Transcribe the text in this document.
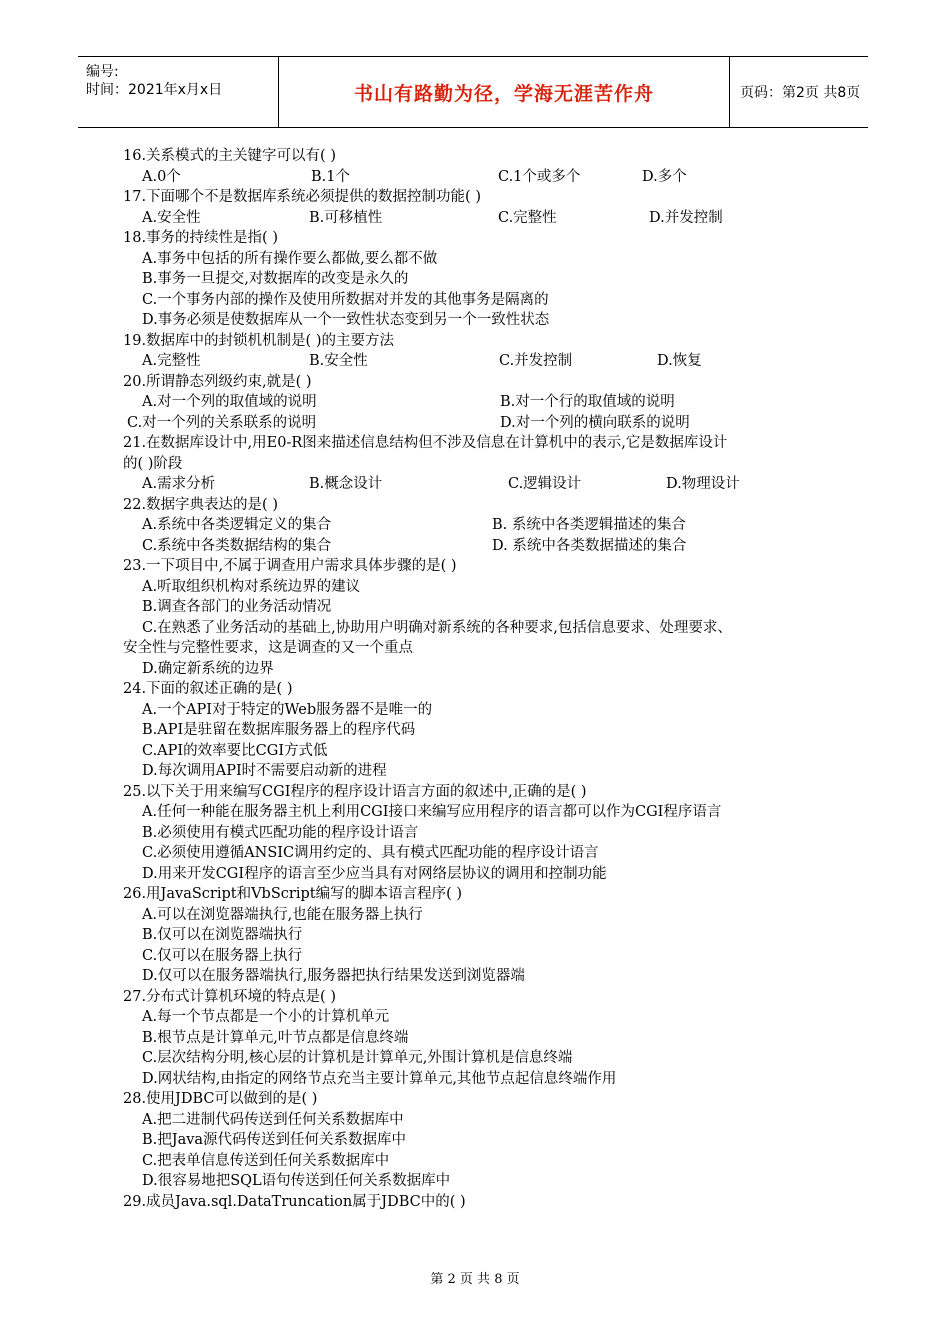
编号:
时间：2021年x月x日	书山有路勤为径，学海无涯苦作舟	页码：第2页 共8页
16.关系模式的主关键字可以有( )
A.0个	B.1个	C.1个或多个	D.多个
17.下面哪个不是数据库系统必须提供的数据控制功能( )
A.安全性	B.可移植性	C.完整性	D.并发控制
18.事务的持续性是指( )
A.事务中包括的所有操作要么都做,要么都不做
B.事务一旦提交,对数据库的改变是永久的
C.一个事务内部的操作及使用所数据对并发的其他事务是隔离的
D.事务必须是使数据库从一个一致性状态变到另一个一致性状态
19.数据库中的封锁机机制是( )的主要方法
A.完整性	B.安全性	C.并发控制	D.恢复
20.所谓静态列级约束,就是( )
A.对一个列的取值域的说明	B.对一个行的取值域的说明
C.对一个列的关系联系的说明	D.对一个列的横向联系的说明
21.在数据库设计中,用E0-R图来描述信息结构但不涉及信息在计算机中的表示,它是数据库设计
的( )阶段
A.需求分析	B.概念设计	C.逻辑设计	D.物理设计
22.数据字典表达的是( )
A.系统中各类逻辑定义的集合	B. 系统中各类逻辑描述的集合
C.系统中各类数据结构的集合	D. 系统中各类数据描述的集合
23.一下项目中,不属于调查用户需求具体步骤的是( )
A.听取组织机构对系统边界的建议
B.调查各部门的业务活动情况
C.在熟悉了业务活动的基础上,协助用户明确对新系统的各种要求,包括信息要求、处理要求、
安全性与完整性要求，这是调查的又一个重点
D.确定新系统的边界
24.下面的叙述正确的是( )
A.一个API对于特定的Web服务器不是唯一的
B.API是驻留在数据库服务器上的程序代码
C.API的效率要比CGI方式低
D.每次调用API时不需要启动新的进程
25.以下关于用来编写CGI程序的程序设计语言方面的叙述中,正确的是( )
A.任何一种能在服务器主机上利用CGI接口来编写应用程序的语言都可以作为CGI程序语言
B.必须使用有模式匹配功能的程序设计语言
C.必须使用遵循ANSIC调用约定的、具有模式匹配功能的程序设计语言
D.用来开发CGI程序的语言至少应当具有对网络层协议的调用和控制功能
26.用JavaScript和VbScript编写的脚本语言程序( )
A.可以在浏览器端执行,也能在服务器上执行
B.仅可以在浏览器端执行
C.仅可以在服务器上执行
D.仅可以在服务器端执行,服务器把执行结果发送到浏览器端
27.分布式计算机环境的特点是( )
A.每一个节点都是一个小的计算机单元
B.根节点是计算单元,叶节点都是信息终端
C.层次结构分明,核心层的计算机是计算单元,外围计算机是信息终端
D.网状结构,由指定的网络节点充当主要计算单元,其他节点起信息终端作用
28.使用JDBC可以做到的是( )
A.把二进制代码传送到任何关系数据库中
B.把Java源代码传送到任何关系数据库中
C.把表单信息传送到任何关系数据库中
D.很容易地把SQL语句传送到任何关系数据库中
29.成员Java.sql.DataTruncation属于JDBC中的( )
第 2 页 共 8 页
